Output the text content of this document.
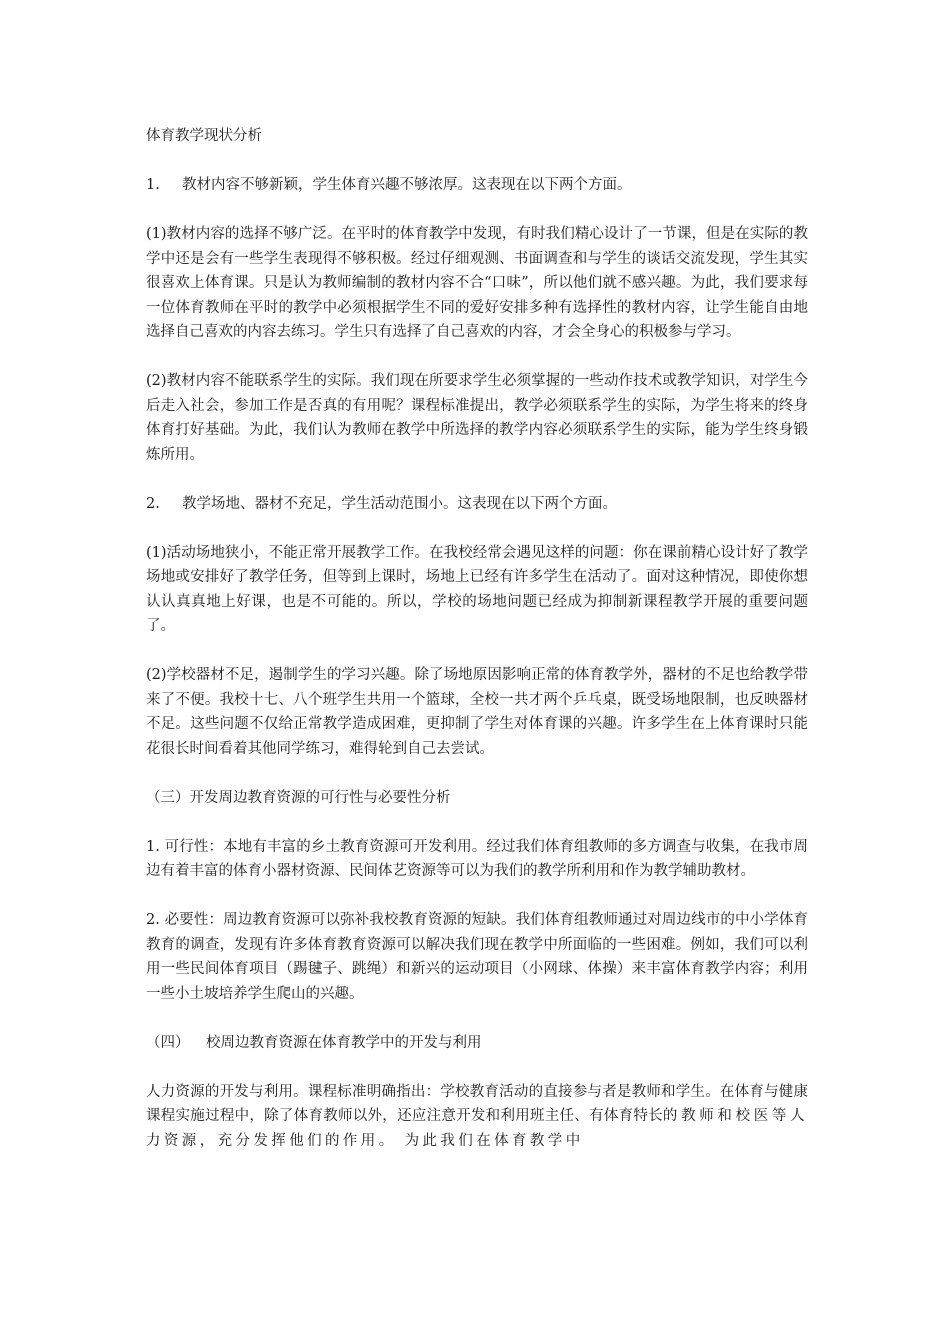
体育教学现状分析

1. 教材内容不够新颖，学生体育兴趣不够浓厚。这表现在以下两个方面。

(1)教材内容的选择不够广泛。在平时的体育教学中发现，有时我们精心设计了一节课，但是在实际的教学中还是会有一些学生表现得不够积极。经过仔细观测、书面调查和与学生的谈话交流发现，学生其实很喜欢上体育课。只是认为教师编制的教材内容不合“口味”，所以他们就不感兴趣。为此，我们要求每一位体育教师在平时的教学中必须根据学生不同的爱好安排多种有选择性的教材内容，让学生能自由地选择自己喜欢的内容去练习。学生只有选择了自己喜欢的内容，才会全身心的积极参与学习。

(2)教材内容不能联系学生的实际。我们现在所要求学生必须掌握的一些动作技术或教学知识，对学生今后走入社会，参加工作是否真的有用呢？课程标准提出，教学必须联系学生的实际，为学生将来的终身体育打好基础。为此，我们认为教师在教学中所选择的教学内容必须联系学生的实际，能为学生终身锻炼所用。

2. 教学场地、器材不充足，学生活动范围小。这表现在以下两个方面。

(1)活动场地狭小，不能正常开展教学工作。在我校经常会遇见这样的问题：你在课前精心设计好了教学场地或安排好了教学任务，但等到上课时，场地上已经有许多学生在活动了。面对这种情况，即使你想认认真真地上好课，也是不可能的。所以，学校的场地问题已经成为抑制新课程教学开展的重要问题了。

(2)学校器材不足，遏制学生的学习兴趣。除了场地原因影响正常的体育教学外，器材的不足也给教学带来了不便。我校十七、八个班学生共用一个篮球，全校一共才两个乒乓桌，既受场地限制，也反映器材不足。这些问题不仅给正常教学造成困难，更抑制了学生对体育课的兴趣。许多学生在上体育课时只能花很长时间看着其他同学练习，难得轮到自己去尝试。

（三）开发周边教育资源的可行性与必要性分析

1. 可行性：本地有丰富的乡土教育资源可开发利用。经过我们体育组教师的多方调查与收集，在我市周边有着丰富的体育小器材资源、民间体艺资源等可以为我们的教学所利用和作为教学辅助教材。

2. 必要性：周边教育资源可以弥补我校教育资源的短缺。我们体育组教师通过对周边线市的中小学体育教育的调查，发现有许多体育教育资源可以解决我们现在教学中所面临的一些困难。例如，我们可以利用一些民间体育项目（踢毽子、跳绳）和新兴的运动项目（小网球、体操）来丰富体育教学内容；利用一些小土坡培养学生爬山的兴趣。

（四） 校周边教育资源在体育教学中的开发与利用

人力资源的开发与利用。课程标准明确指出：学校教育活动的直接参与者是教师和学生。在体育与健康课程实施过程中，除了体育教师以外，还应注意开发和利用班主任、有体育特长的教师和校医等人力资源，充分发挥他们的作用。 为此我们在体育教学中
